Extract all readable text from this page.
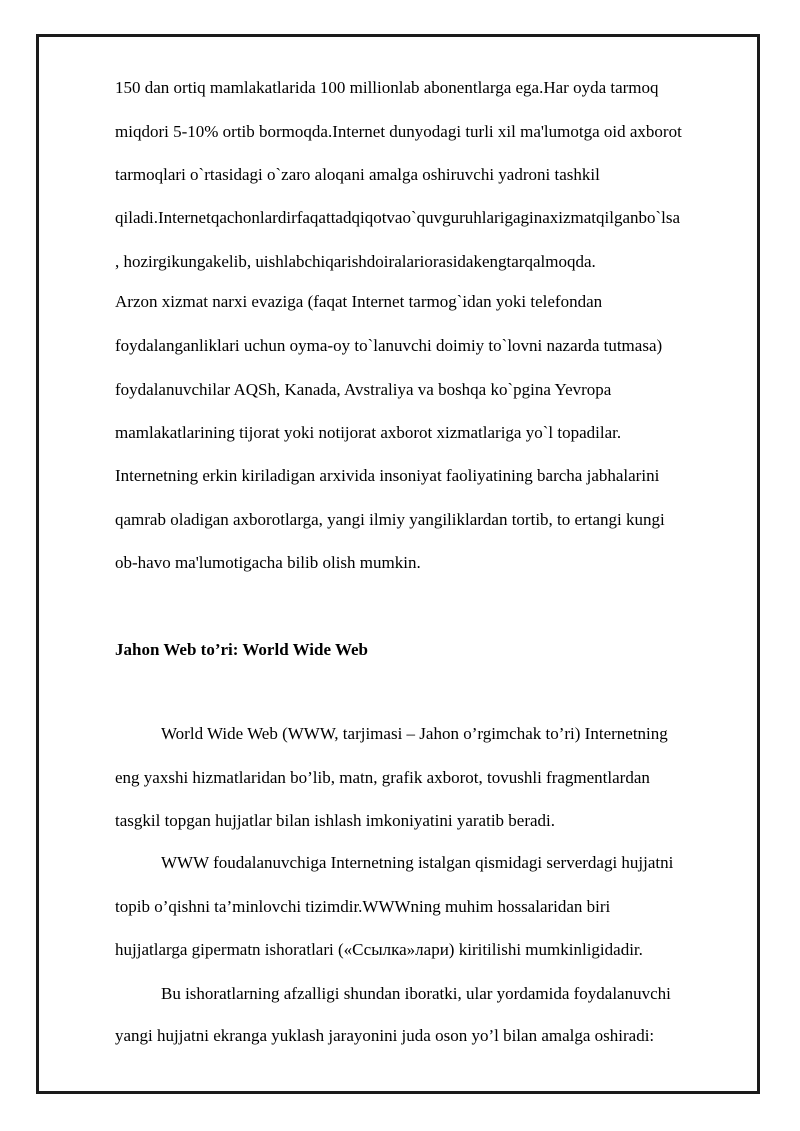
150 dan ortiq mamlakatlarida 100 millionlab abonentlarga ega.Har oyda tarmoq
miqdori 5-10% ortib bormoqda.Internet dunyodagi turli xil ma'lumotga oid axborot
tarmoqlari o`rtasidagi o`zaro aloqani amalga oshiruvchi yadroni tashkil
qiladi.Internetqachonlardirfaqattadqiqotvao`quvguruhlarigaginaxizmatqilganbo`lsa
, hozirgikungakelib, uishlabchiqarishdoiralariorasidakengtarqalmoqda.
Arzon xizmat narxi evaziga (faqat Internet tarmog`idan yoki telefondan
foydalanganliklari uchun oyma-oy to`lanuvchi doimiy to`lovni nazarda tutmasa)
foydalanuvchilar AQSh, Kanada, Avstraliya va boshqa ko`pgina Yevropa
mamlakatlarining tijorat yoki notijorat axborot xizmatlariga yo`l topadilar.
Internetning erkin kiriladigan arxivida insoniyat faoliyatining barcha jabhalarini
qamrab oladigan axborotlarga, yangi ilmiy yangiliklardan tortib, to ertangi kungi
ob-havo ma'lumotigacha bilib olish mumkin.
Jahon Web to’ri: World Wide Web
World Wide Web (WWW, tarjimasi – Jahon o’rgimchak to’ri) Internetning
eng yaxshi hizmatlaridan bo’lib, matn, grafik axborot, tovushli fragmentlardan
tasgkil topgan hujjatlar bilan ishlash imkoniyatini yaratib beradi.
WWW foudalanuvchiga Internetning istalgan qismidagi serverdagi hujjatni
topib o’qishni ta’minlovchi tizimdir.WWWning muhim hossalaridan biri
hujjatlarga gipermatn ishoratlari («Ссылка»лари) kiritilishi mumkinligidadir.
Bu ishoratlarning afzalligi shundan iboratki, ular yordamida foydalanuvchi
yangi hujjatni ekranga yuklash jarayonini juda oson yo’l bilan amalga oshiradi:
